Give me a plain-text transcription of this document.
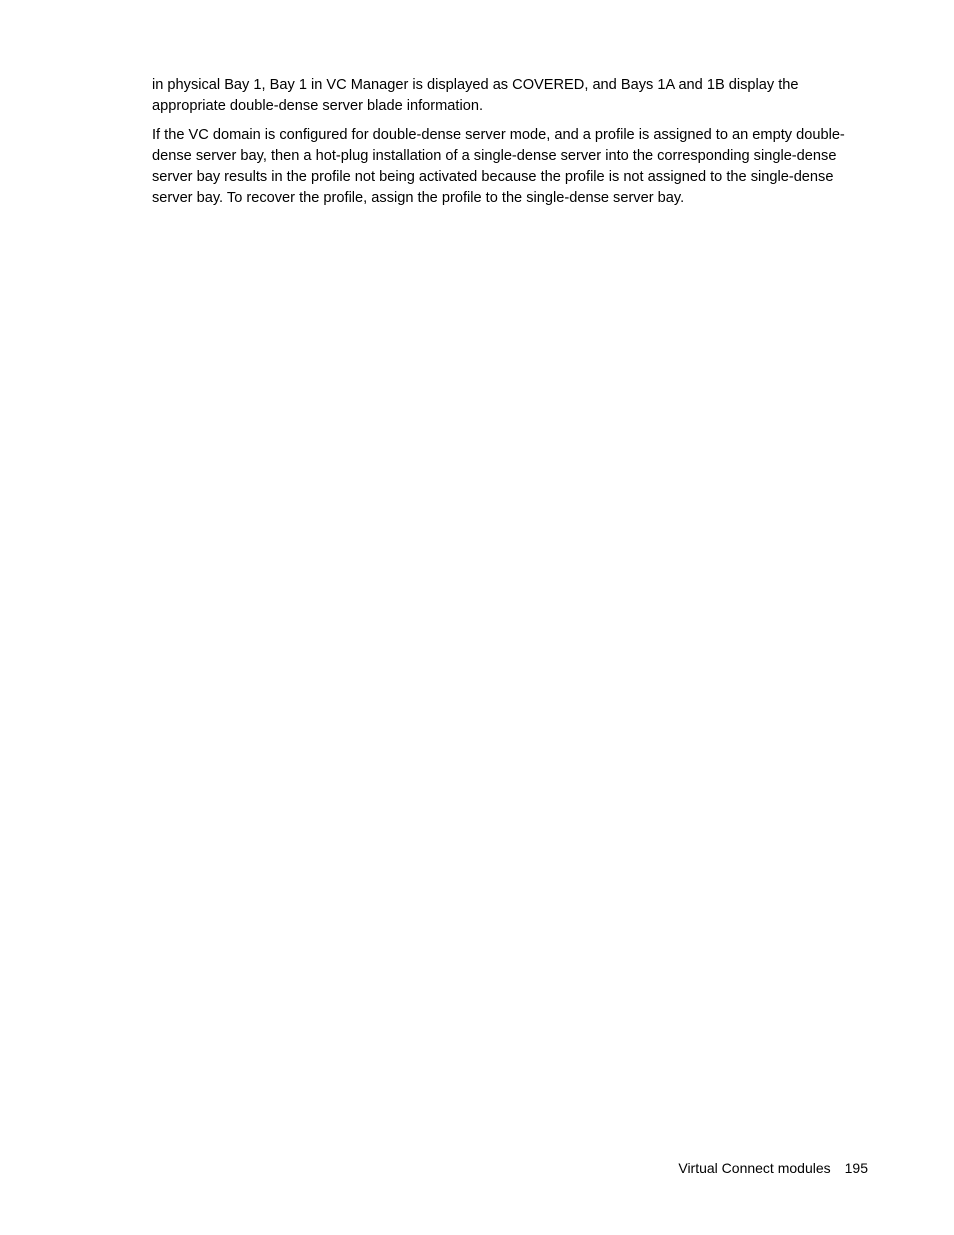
in physical Bay 1, Bay 1 in VC Manager is displayed as COVERED, and Bays 1A and 1B display the appropriate double-dense server blade information.

If the VC domain is configured for double-dense server mode, and a profile is assigned to an empty double-dense server bay, then a hot-plug installation of a single-dense server into the corresponding single-dense server bay results in the profile not being activated because the profile is not assigned to the single-dense server bay. To recover the profile, assign the profile to the single-dense server bay.

Virtual Connect modules 195
